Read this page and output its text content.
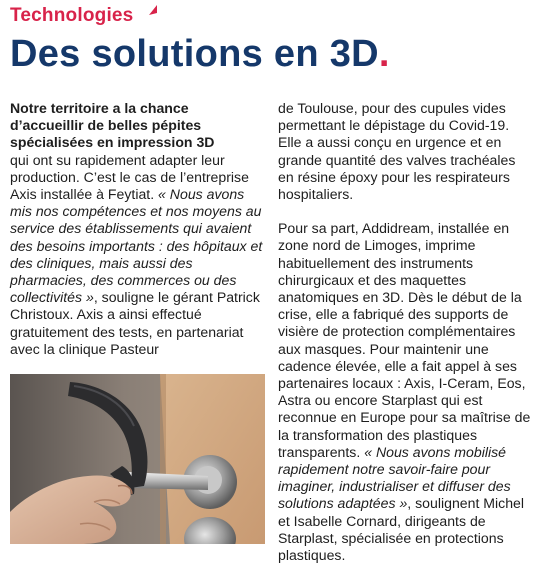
Technologies
Des solutions en 3D.

Notre territoire a la chance d’accueillir de belles pépites spécialisées en impression 3D
qui ont su rapidement adapter leur production. C’est le cas de l’entreprise Axis installée à Feytiat. « Nous avons mis nos compétences et nos moyens au service des établissements qui avaient des besoins importants : des hôpitaux et des cliniques, mais aussi des pharmacies, des commerces ou des collectivités », souligne le gérant Patrick Christoux. Axis a ainsi effectué gratuitement des tests, en partenariat avec la clinique Pasteur

de Toulouse, pour des cupules vides permettant le dépistage du Covid-19. Elle a aussi conçu en urgence et en grande quantité des valves trachéales en résine époxy pour les respirateurs hospitaliers.

Pour sa part, Addidream, installée en zone nord de Limoges, imprime habituellement des instruments chirurgicaux et des maquettes anatomiques en 3D. Dès le début de la crise, elle a fabriqué des supports de visière de protection complémentaires aux masques. Pour maintenir une cadence élevée, elle a fait appel à ses partenaires locaux : Axis, I-Ceram, Eos, Astra ou encore Starplast qui est reconnue en Europe pour sa maîtrise de la transformation des plastiques transparents. « Nous avons mobilisé rapidement notre savoir-faire pour imaginer, industrialiser et diffuser des solutions adaptées », soulignent Michel et Isabelle Cornard, dirigeants de Starplast, spécialisée en protections plastiques.
